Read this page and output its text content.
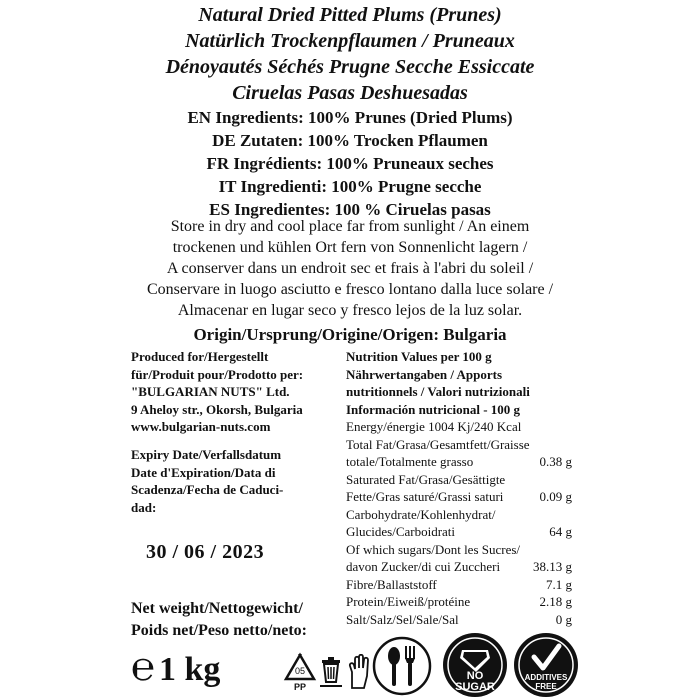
Natural Dried Pitted Plums (Prunes)
Natürlich Trockenpflaumen / Pruneaux
Dénoyautés Séchés Prugne Secche Essiccate
Ciruelas Pasas Deshuesadas
EN Ingredients: 100% Prunes (Dried Plums)
DE Zutaten: 100% Trocken Pflaumen
FR Ingrédients: 100% Pruneaux seches
IT Ingredienti: 100% Prugne secche
ES Ingredientes: 100 % Ciruelas pasas
Store in dry and cool place far from sunlight / An einem
trockenen und kühlen Ort fern von Sonnenlicht lagern /
A conserver dans un endroit sec et frais à l'abri du soleil /
Conservare in luogo asciutto e fresco lontano dalla luce solare /
Almacenar en lugar seco y fresco lejos de la luz solar.
Origin/Ursprung/Origine/Origen: Bulgaria
Produced for/Hergestellt
für/Produit pour/Prodotto per:
"BULGARIAN NUTS" Ltd.
9 Aheloy str., Okorsh, Bulgaria
www.bulgarian-nuts.com
Expiry Date/Verfallsdatum
Date d'Expiration/Data di
Scadenza/Fecha de Caduci-
dad:
30 / 06 / 2023
Net weight/Nettogewicht/
Poids net/Peso netto/neto:
℮ 1 kg
Nutrition Values per 100 g
Nährwertangaben / Apports
nutritionnels / Valori nutrizionali
Información nutricional - 100 g
Energy/énergie 1004 Kj/240 Kcal
Total Fat/Grasa/Gesamtfett/Graisse
totale/Totalmente grasso	0.38 g
Saturated Fat/Grasa/Gesättigte
Fette/Gras saturé/Grassi saturi	0.09 g
Carbohydrate/Kohlenhydrat/
Glucides/Carboidrati	64 g
Of which sugars/Dont les Sucres/
davon Zucker/di cui Zuccheri	38.13 g
Fibre/Ballaststoff	7.1 g
Protein/Eiweiß/protéine	2.18 g
Salt/Salz/Sel/Sale/Sal	0 g
05
PP
NO
SUGAR
ADDITIVES
FREE
